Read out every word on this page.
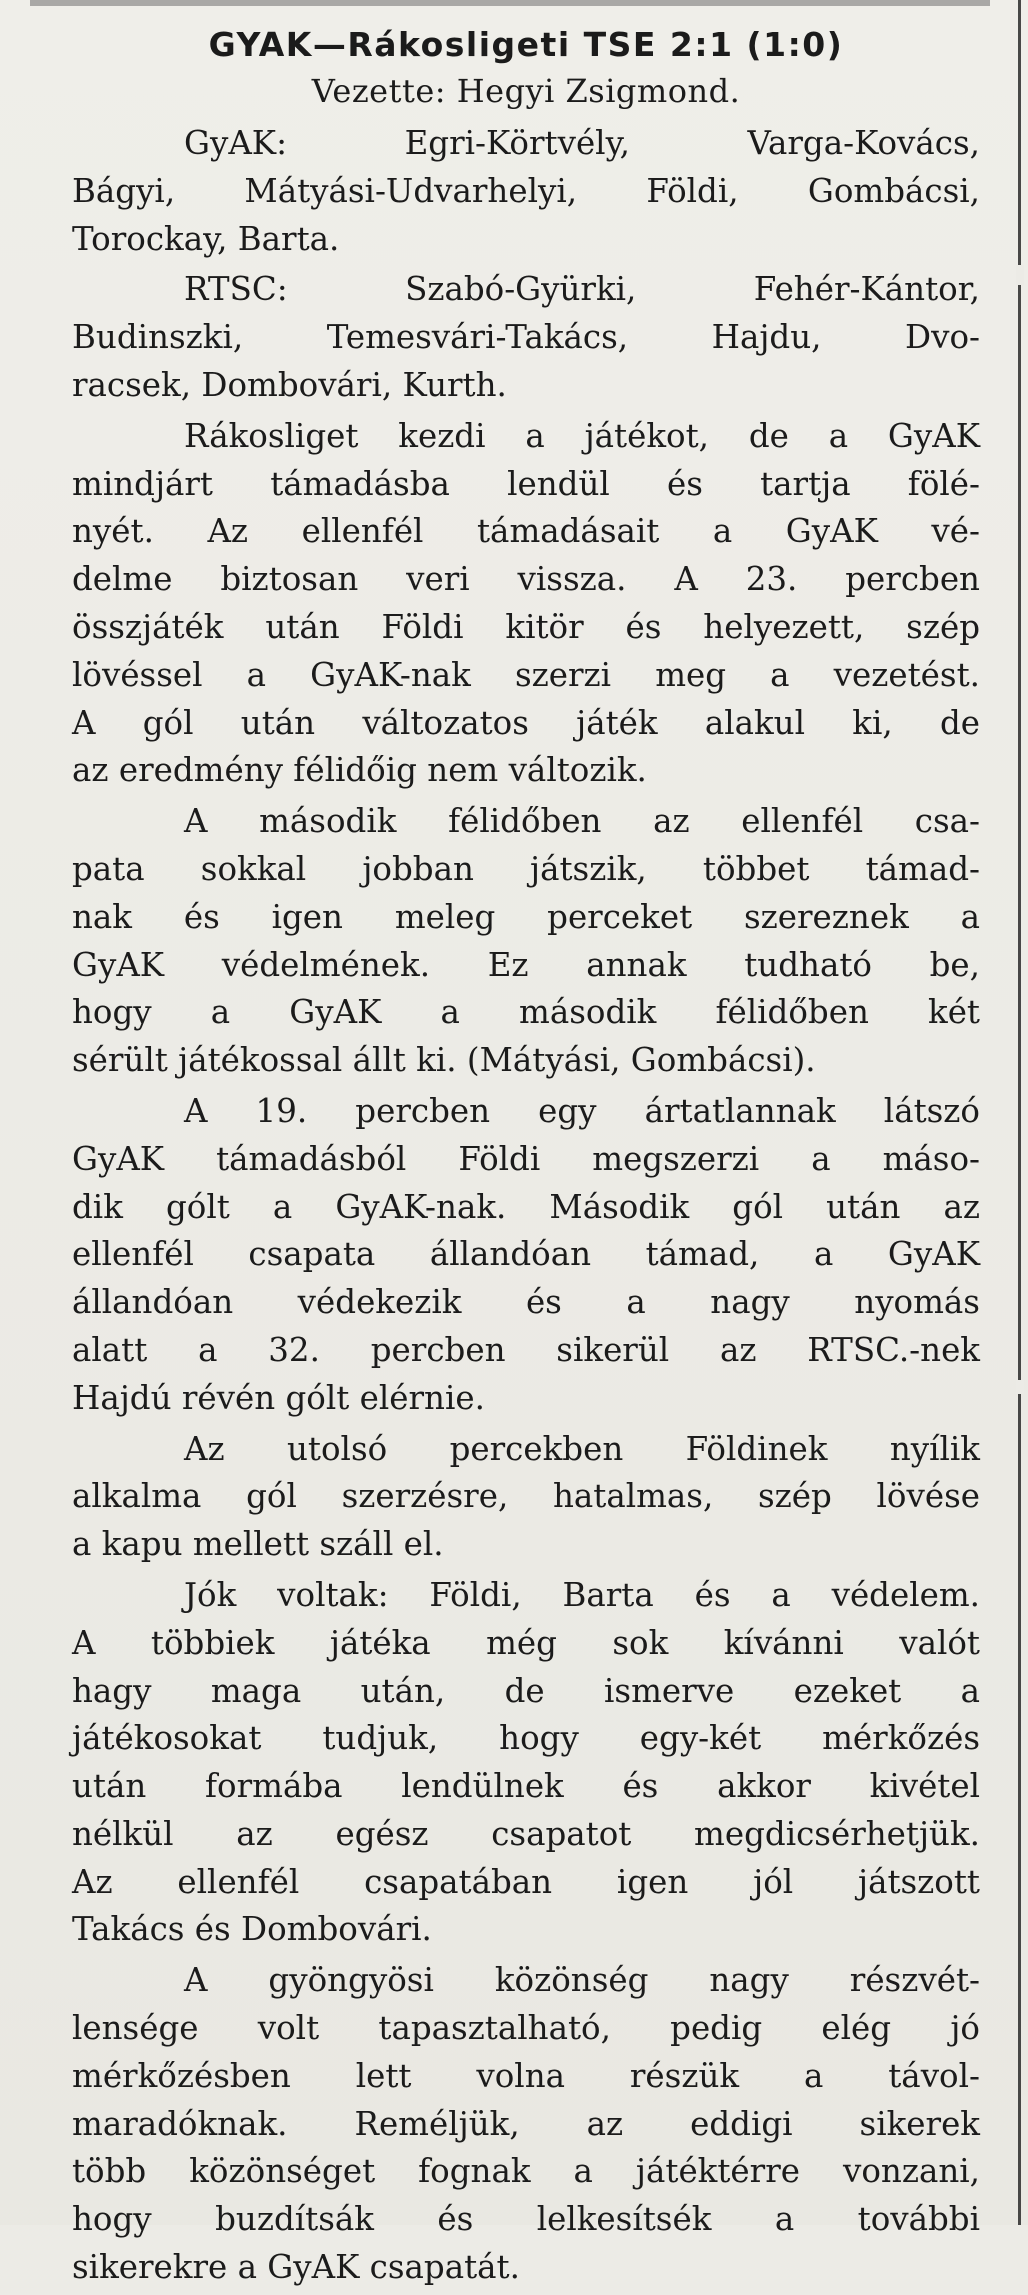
GYAK—Rákosligeti TSE 2:1 (1:0)

Vezette: Hegyi Zsigmond.

GyAK: Egri-Körtvély, Varga-Kovács,
Bágyi, Mátyási-Udvarhelyi, Földi, Gombácsi,
Torockay, Barta.
RTSC: Szabó-Gyürki, Fehér-Kántor,
Budinszki, Temesvári-Takács, Hajdu, Dvo-
racsek, Dombovári, Kurth.
Rákosliget kezdi a játékot, de a GyAK
mindjárt támadásba lendül és tartja fölé-
nyét. Az ellenfél támadásait a GyAK vé-
delme biztosan veri vissza. A 23. percben
összjáték után Földi kitör és helyezett, szép
lövéssel a GyAK-nak szerzi meg a vezetést.
A gól után változatos játék alakul ki, de
az eredmény félidőig nem változik.
A második félidőben az ellenfél csa-
pata sokkal jobban játszik, többet támad-
nak és igen meleg perceket szereznek a
GyAK védelmének. Ez annak tudható be,
hogy a GyAK a második félidőben két
sérült játékossal állt ki. (Mátyási, Gombácsi).
A 19. percben egy ártatlannak látszó
GyAK támadásból Földi megszerzi a máso-
dik gólt a GyAK-nak. Második gól után az
ellenfél csapata állandóan támad, a GyAK
állandóan védekezik és a nagy nyomás
alatt a 32. percben sikerül az RTSC.-nek
Hajdú révén gólt elérnie.
Az utolsó percekben Földinek nyílik
alkalma gól szerzésre, hatalmas, szép lövése
a kapu mellett száll el.
Jók voltak: Földi, Barta és a védelem.
A többiek játéka még sok kívánni valót
hagy maga után, de ismerve ezeket a
játékosokat tudjuk, hogy egy-két mérkőzés
után formába lendülnek és akkor kivétel
nélkül az egész csapatot megdicsérhetjük.
Az ellenfél csapatában igen jól játszott
Takács és Dombovári.
A gyöngyösi közönség nagy részvét-
lensége volt tapasztalható, pedig elég jó
mérkőzésben lett volna részük a távol-
maradóknak. Reméljük, az eddigi sikerek
több közönséget fognak a játéktérre vonzani,
hogy buzdítsák és lelkesítsék a további
sikerekre a GyAK csapatát.
